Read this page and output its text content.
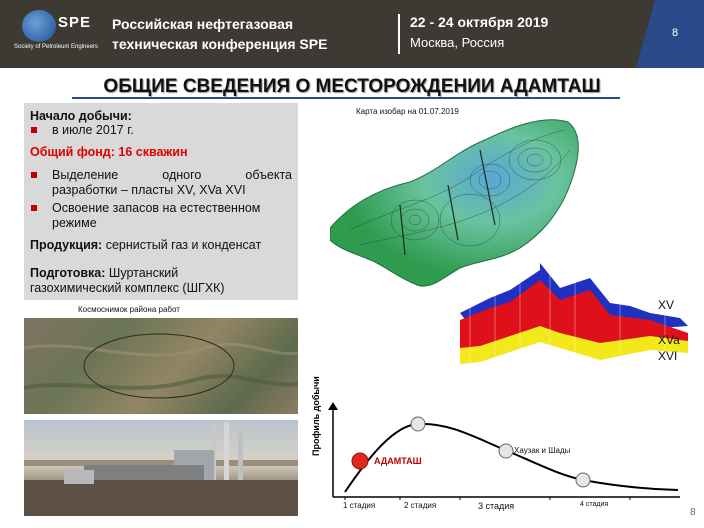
SPE
Society of Petroleum Engineers
Российская нефтегазовая
техническая конференция SPE
22 - 24 октября 2019
Москва, Россия
8
ОБЩИЕ СВЕДЕНИЯ О МЕСТОРОЖДЕНИИ АДАМТАШ
Начало добычи:
в июле 2017 г.
Общий фонд: 16 скважин
Выделение одного объекта
разработки – пласты XV, XVa XVI
Освоение запасов на естественном
режиме
Продукция: сернистый газ и конденсат
Подготовка: Шуртанский
газохимический комплекс (ШГХК)
Карта изобар на 01.07.2019
XV
XVa
XVI
Космоснимок района работ
Профиль добычи
АДАМТАШ
Хаузак и Шады
1 стадия	2 стадия	3 стадия	4 стадия
8
